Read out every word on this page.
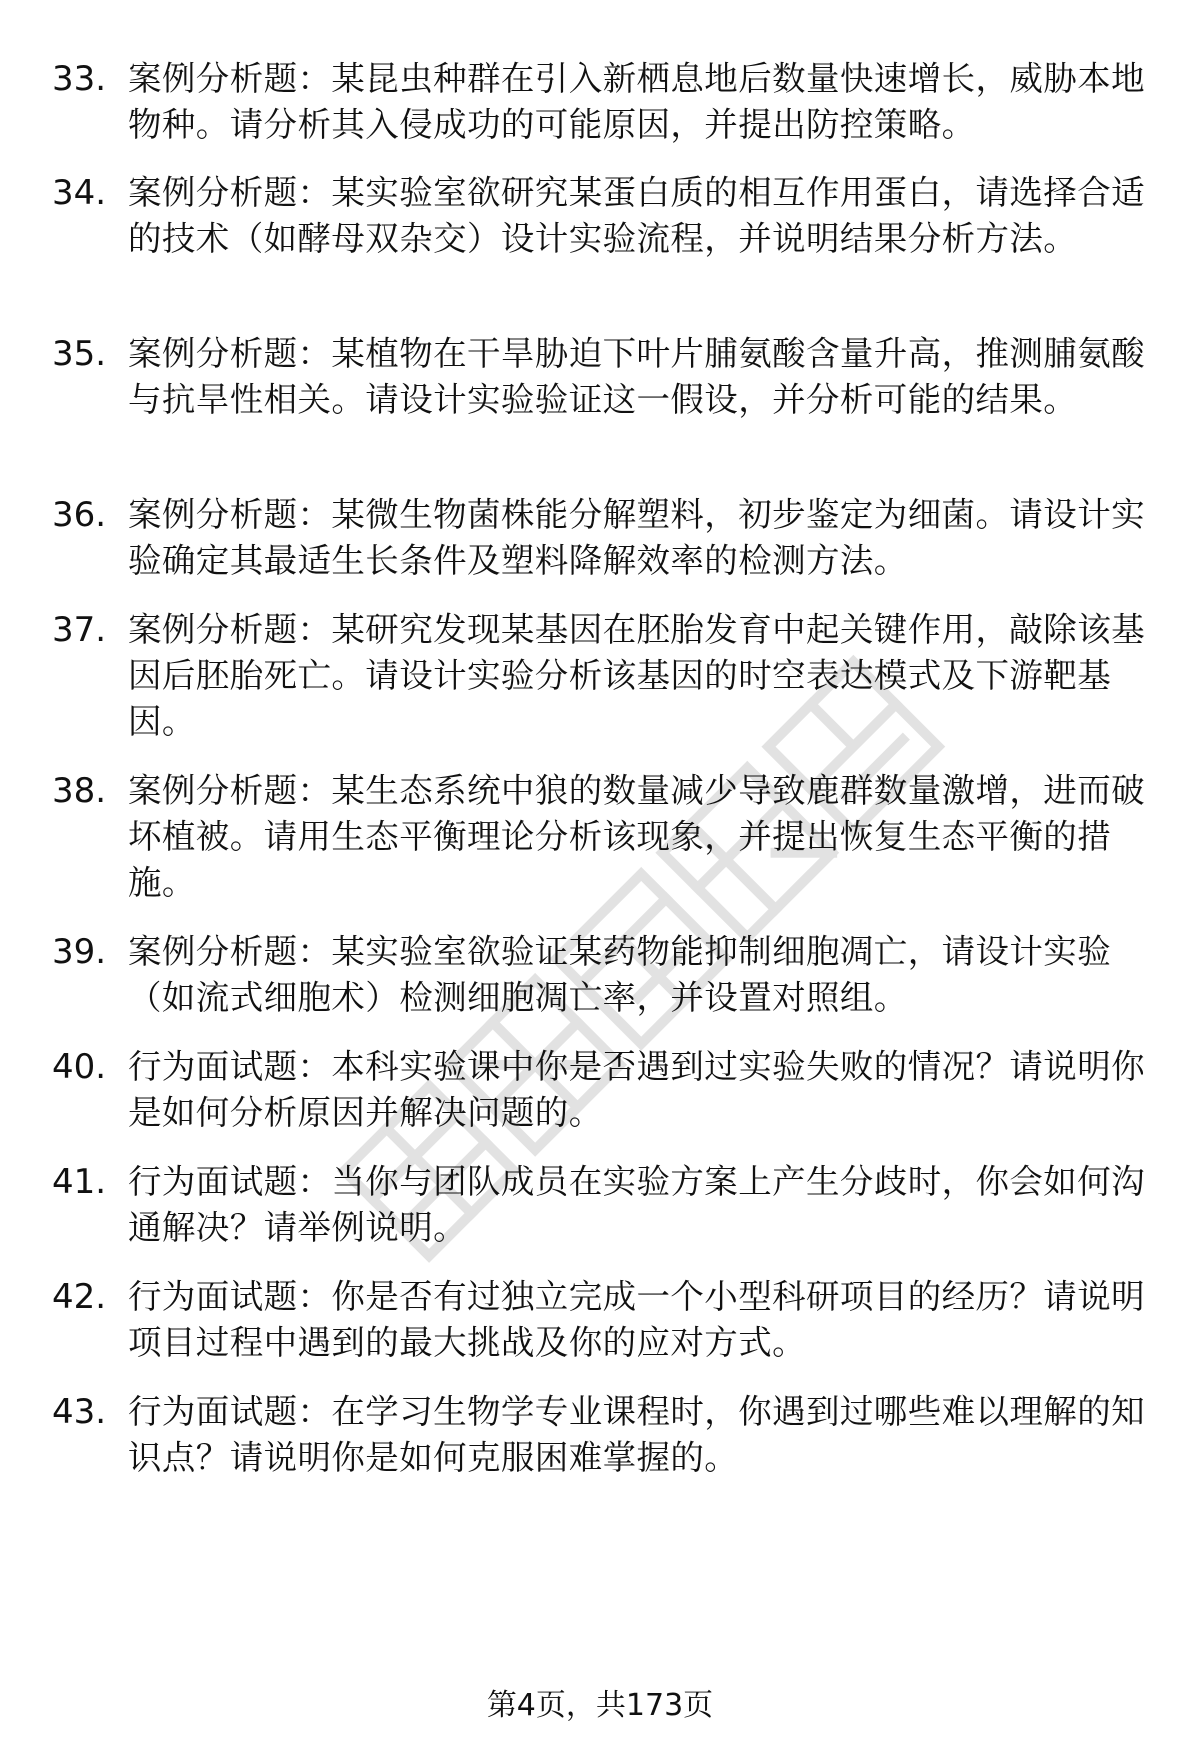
33. 案例分析题：某昆虫种群在引入新栖息地后数量快速增长，威胁本地物种。请分析其入侵成功的可能原因，并提出防控策略。
34. 案例分析题：某实验室欲研究某蛋白质的相互作用蛋白，请选择合适的技术（如酵母双杂交）设计实验流程，并说明结果分析方法。
35. 案例分析题：某植物在干旱胁迫下叶片脯氨酸含量升高，推测脯氨酸与抗旱性相关。请设计实验验证这一假设，并分析可能的结果。
36. 案例分析题：某微生物菌株能分解塑料，初步鉴定为细菌。请设计实验确定其最适生长条件及塑料降解效率的检测方法。
37. 案例分析题：某研究发现某基因在胚胎发育中起关键作用，敲除该基因后胚胎死亡。请设计实验分析该基因的时空表达模式及下游靶基因。
38. 案例分析题：某生态系统中狼的数量减少导致鹿群数量激增，进而破坏植被。请用生态平衡理论分析该现象，并提出恢复生态平衡的措施。
39. 案例分析题：某实验室欲验证某药物能抑制细胞凋亡，请设计实验（如流式细胞术）检测细胞凋亡率，并设置对照组。
40. 行为面试题：本科实验课中你是否遇到过实验失败的情况？请说明你是如何分析原因并解决问题的。
41. 行为面试题：当你与团队成员在实验方案上产生分歧时，你会如何沟通解决？请举例说明。
42. 行为面试题：你是否有过独立完成一个小型科研项目的经历？请说明项目过程中遇到的最大挑战及你的应对方式。
43. 行为面试题：在学习生物学专业课程时，你遇到过哪些难以理解的知识点？请说明你是如何克服困难掌握的。
第4页，共173页
